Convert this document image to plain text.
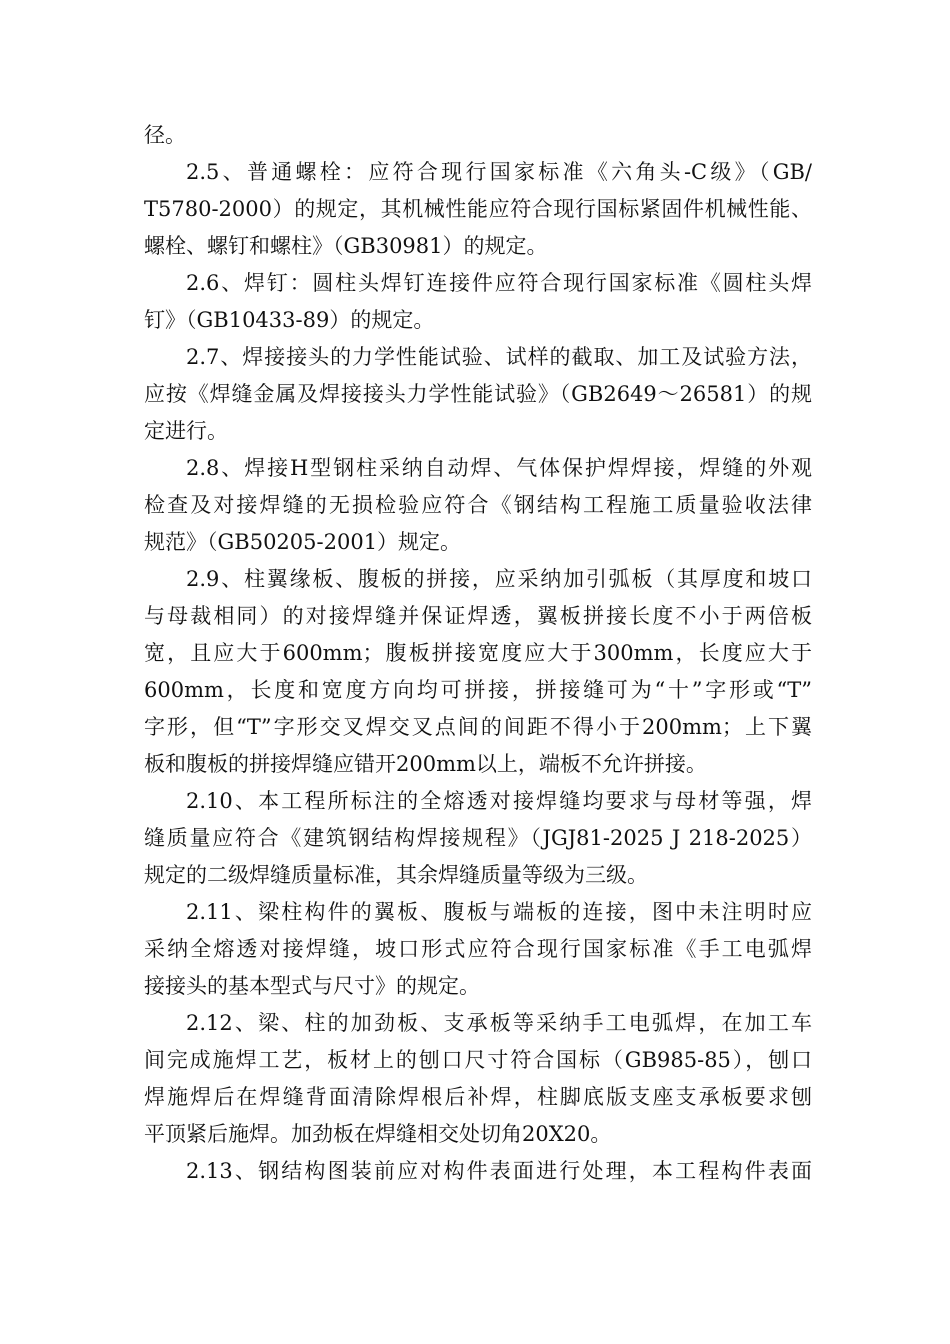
径。
2.5、普通螺栓：应符合现行国家标准《六角头-C级》（GB/
T5780-2000）的规定，其机械性能应符合现行国标紧固件机械性能、
螺栓、螺钉和螺柱》（GB30981）的规定。
2.6、焊钉：圆柱头焊钉连接件应符合现行国家标准《圆柱头焊
钉》（GB10433-89）的规定。
2.7、焊接接头的力学性能试验、试样的截取、加工及试验方法，
应按《焊缝金属及焊接接头力学性能试验》（GB2649～26581）的规
定进行。
2.8、焊接H型钢柱采纳自动焊、气体保护焊焊接，焊缝的外观
检查及对接焊缝的无损检验应符合《钢结构工程施工质量验收法律
规范》（GB50205-2001）规定。
2.9、柱翼缘板、腹板的拼接，应采纳加引弧板（其厚度和坡口
与母裁相同）的对接焊缝并保证焊透，翼板拼接长度不小于两倍板
宽，且应大于600mm；腹板拼接宽度应大于300mm，长度应大于
600mm，长度和宽度方向均可拼接，拼接缝可为“十”字形或“T”
字形，但“T”字形交叉焊交叉点间的间距不得小于200mm；上下翼
板和腹板的拼接焊缝应错开200mm以上，端板不允许拼接。
2.10、本工程所标注的全熔透对接焊缝均要求与母材等强，焊
缝质量应符合《建筑钢结构焊接规程》（JGJ81-2025 J 218-2025）
规定的二级焊缝质量标准，其余焊缝质量等级为三级。
2.11、梁柱构件的翼板、腹板与端板的连接，图中未注明时应
采纳全熔透对接焊缝，坡口形式应符合现行国家标准《手工电弧焊
接接头的基本型式与尺寸》的规定。
2.12、梁、柱的加劲板、支承板等采纳手工电弧焊，在加工车
间完成施焊工艺，板材上的刨口尺寸符合国标（GB985-85），刨口
焊施焊后在焊缝背面清除焊根后补焊，柱脚底版支座支承板要求刨
平顶紧后施焊。加劲板在焊缝相交处切角20X20。
2.13、钢结构图装前应对构件表面进行处理，本工程构件表面
